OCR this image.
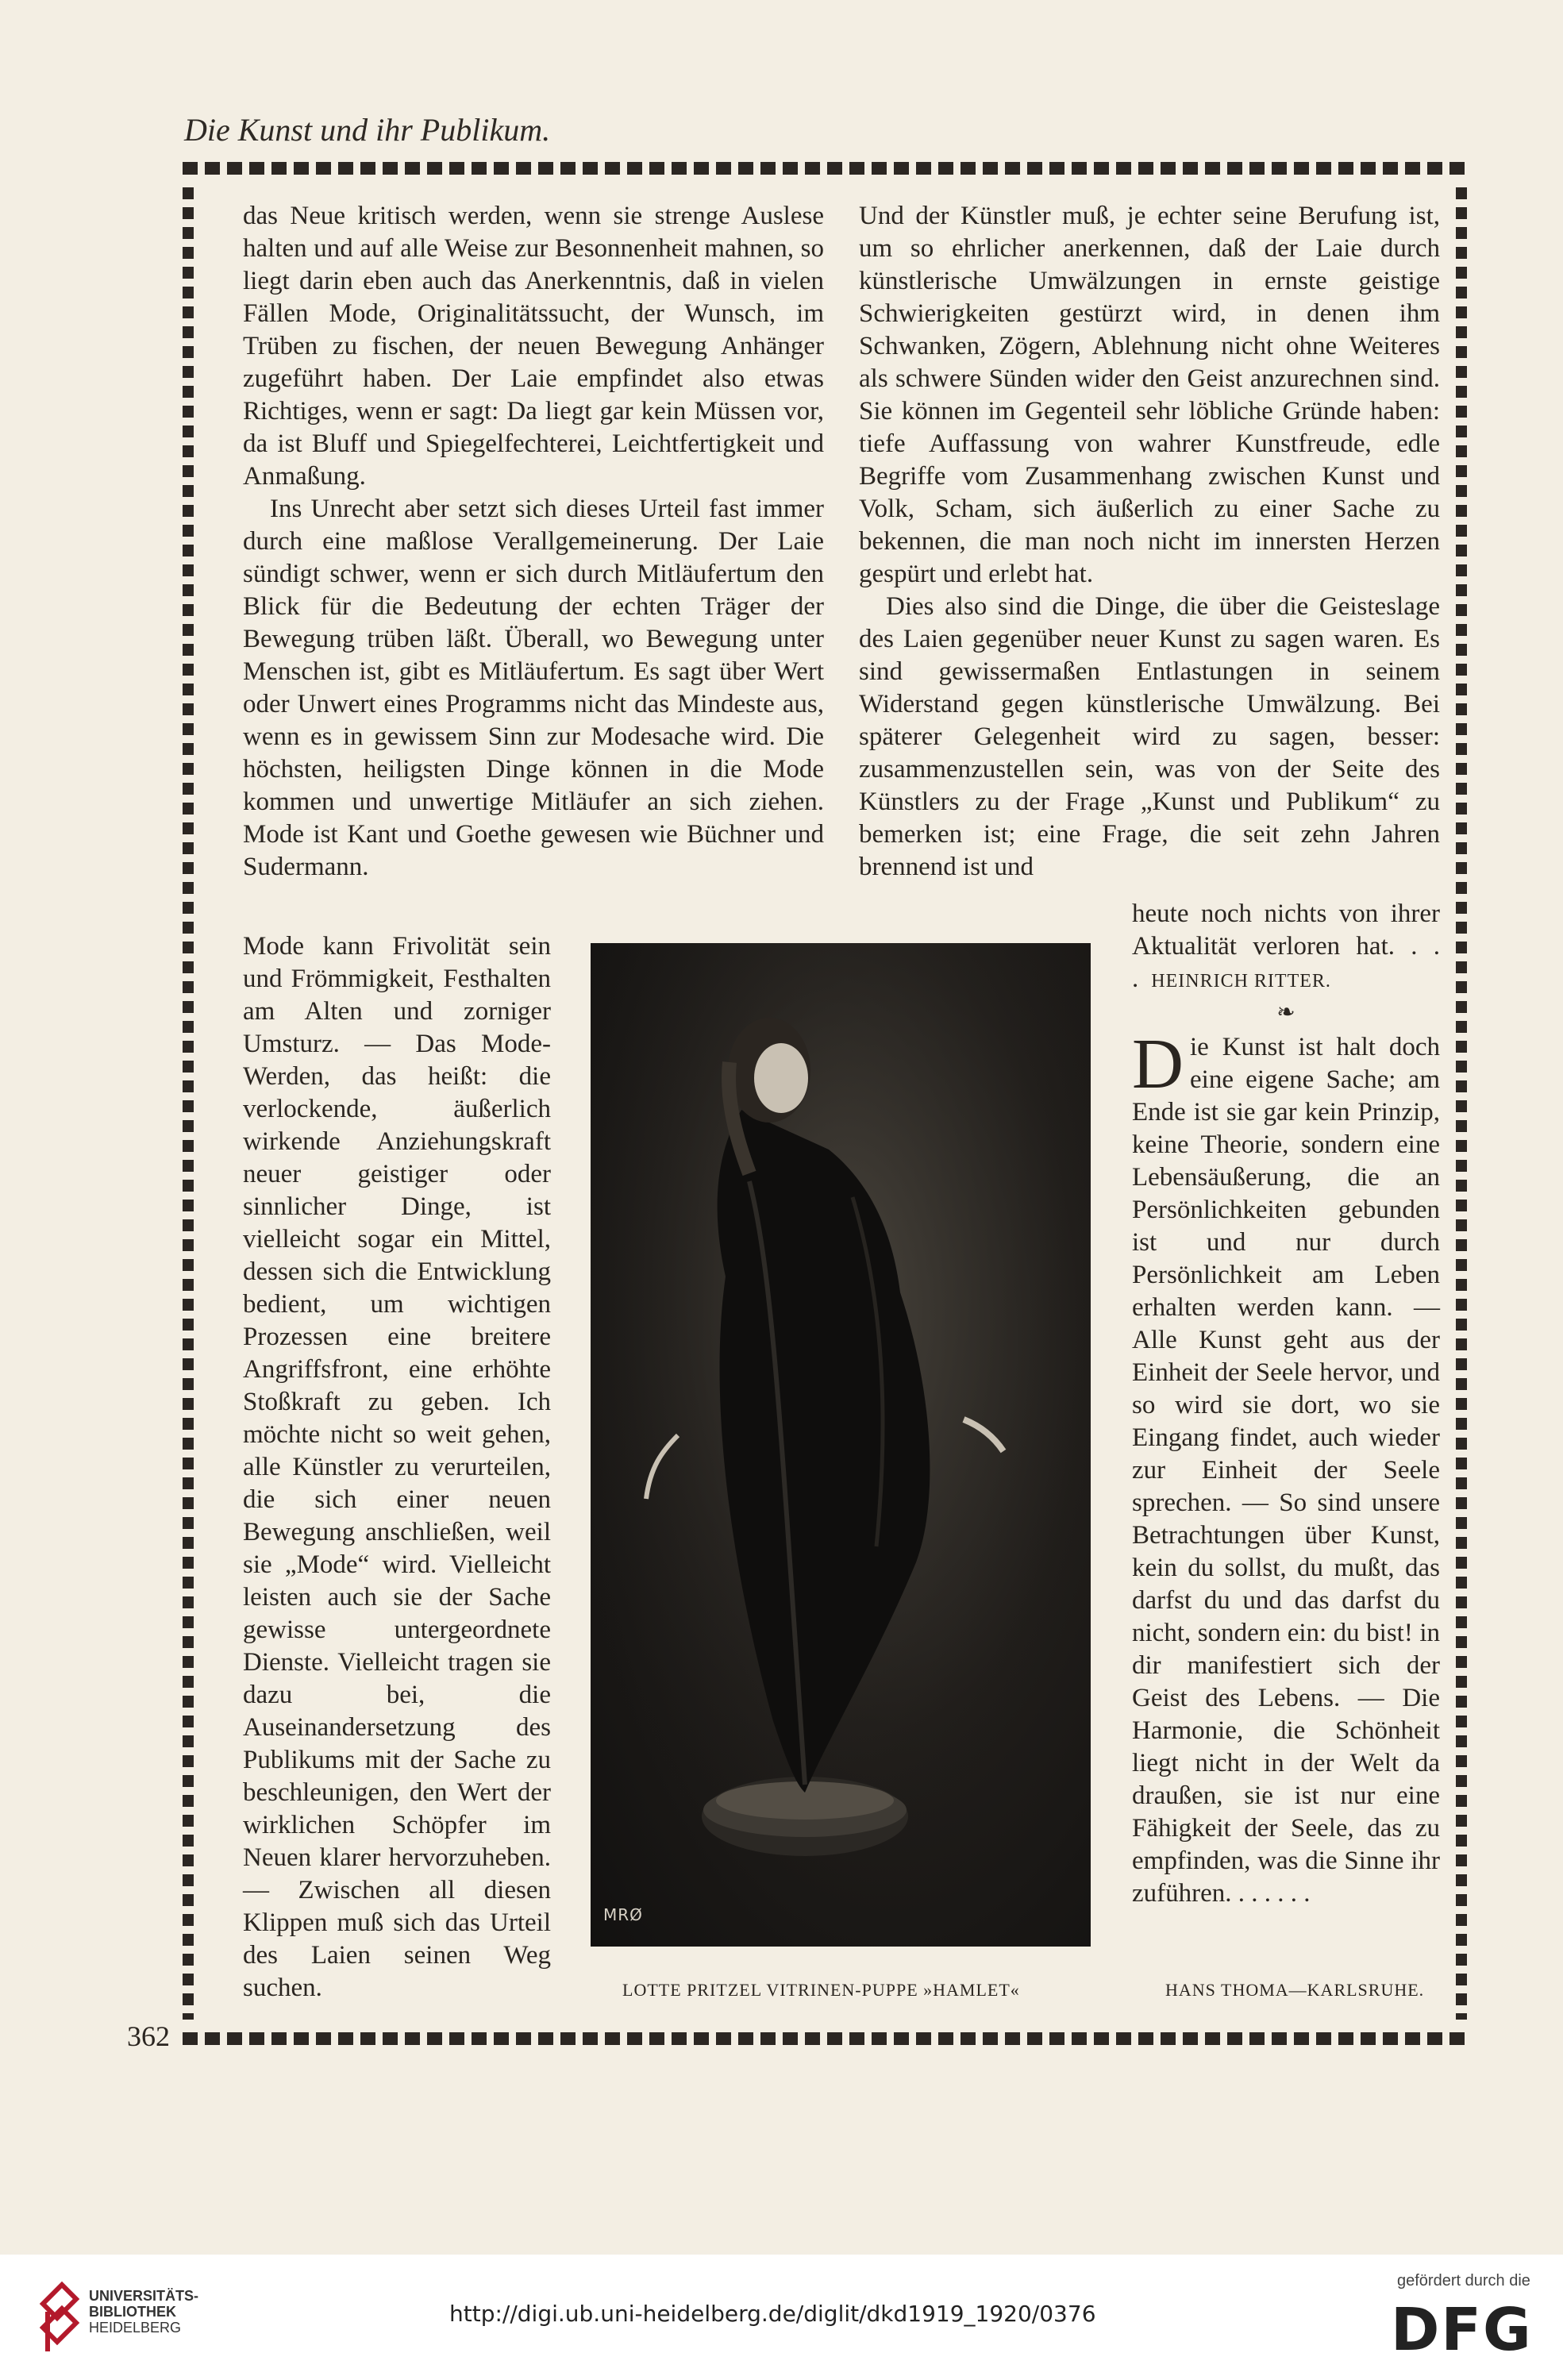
Die Kunst und ihr Publikum.

das Neue kritisch werden, wenn sie strenge Auslese halten und auf alle Weise zur Besonnenheit mahnen, so liegt darin eben auch das Anerkenntnis, daß in vielen Fällen Mode, Originalitätssucht, der Wunsch, im Trüben zu fischen, der neuen Bewegung Anhänger zugeführt haben. Der Laie empfindet also etwas Richtiges, wenn er sagt: Da liegt gar kein Müssen vor, da ist Bluff und Spiegelfechterei, Leichtfertigkeit und Anmaßung.

Ins Unrecht aber setzt sich dieses Urteil fast immer durch eine maßlose Verallgemeinerung. Der Laie sündigt schwer, wenn er sich durch Mitläufertum den Blick für die Bedeutung der echten Träger der Bewegung trüben läßt. Überall, wo Bewegung unter Menschen ist, gibt es Mitläufertum. Es sagt über Wert oder Unwert eines Programms nicht das Mindeste aus, wenn es in gewissem Sinn zur Modesache wird. Die höchsten, heiligsten Dinge können in die Mode kommen und unwertige Mitläufer an sich ziehen. Mode ist Kant und Goethe gewesen wie Büchner und Sudermann.

Mode kann Frivolität sein und Frömmigkeit, Festhalten am Alten und zorniger Umsturz. — Das Mode-Werden, das heißt: die verlockende, äußerlich wirkende Anziehungskraft neuer geistiger oder sinnlicher Dinge, ist vielleicht sogar ein Mittel, dessen sich die Entwicklung bedient, um wichtigen Prozessen eine breitere Angriffsfront, eine erhöhte Stoßkraft zu geben. Ich möchte nicht so weit gehen, alle Künstler zu verurteilen, die sich einer neuen Bewegung anschließen, weil sie „Mode“ wird. Vielleicht leisten auch sie der Sache gewisse untergeordnete Dienste. Vielleicht tragen sie dazu bei, die Auseinandersetzung des Publikums mit der Sache zu beschleunigen, den Wert der wirklichen Schöpfer im Neuen klarer hervorzuheben. — Zwischen all diesen Klippen muß sich das Urteil des Laien seinen Weg suchen.

Und der Künstler muß, je echter seine Berufung ist, um so ehrlicher anerkennen, daß der Laie durch künstlerische Umwälzungen in ernste geistige Schwierigkeiten gestürzt wird, in denen ihm Schwanken, Zögern, Ablehnung nicht ohne Weiteres als schwere Sünden wider den Geist anzurechnen sind. Sie können im Gegenteil sehr löbliche Gründe haben: tiefe Auffassung von wahrer Kunstfreude, edle Begriffe vom Zusammenhang zwischen Kunst und Volk, Scham, sich äußerlich zu einer Sache zu bekennen, die man noch nicht im innersten Herzen gespürt und erlebt hat.

Dies also sind die Dinge, die über die Geisteslage des Laien gegenüber neuer Kunst zu sagen waren. Es sind gewissermaßen Entlastungen in seinem Widerstand gegen künstlerische Umwälzung. Bei späterer Gelegenheit wird zu sagen, besser: zusammenzustellen sein, was von der Seite des Künstlers zu der Frage „Kunst und Publikum“ zu bemerken ist; eine Frage, die seit zehn Jahren brennend ist und

heute noch nichts von ihrer Aktualität verloren hat. . . . HEINRICH RITTER.

❧

Die Kunst ist halt doch eine eigene Sache; am Ende ist sie gar kein Prinzip, keine Theorie, sondern eine Lebensäußerung, die an Persönlichkeiten gebunden ist und nur durch Persönlichkeit am Leben erhalten werden kann. — Alle Kunst geht aus der Einheit der Seele hervor, und so wird sie dort, wo sie Eingang findet, auch wieder zur Einheit der Seele sprechen. — So sind unsere Betrachtungen über Kunst, kein du sollst, du mußt, das darfst du und das darfst du nicht, sondern ein: du bist! in dir manifestiert sich der Geist des Lebens. — Die Harmonie, die Schönheit liegt nicht in der Welt da draußen, sie ist nur eine Fähigkeit der Seele, das zu empfinden, was die Sinne ihr zuführen. . . . . . .

MRØ
LOTTE PRITZEL VITRINEN-PUPPE »HAMLET«	HANS THOMA—KARLSRUHE.
362
UNIVERSITÄTS-
BIBLIOTHEK
HEIDELBERG
http://digi.ub.uni-heidelberg.de/diglit/dkd1919_1920/0376
gefördert durch die
DFG
